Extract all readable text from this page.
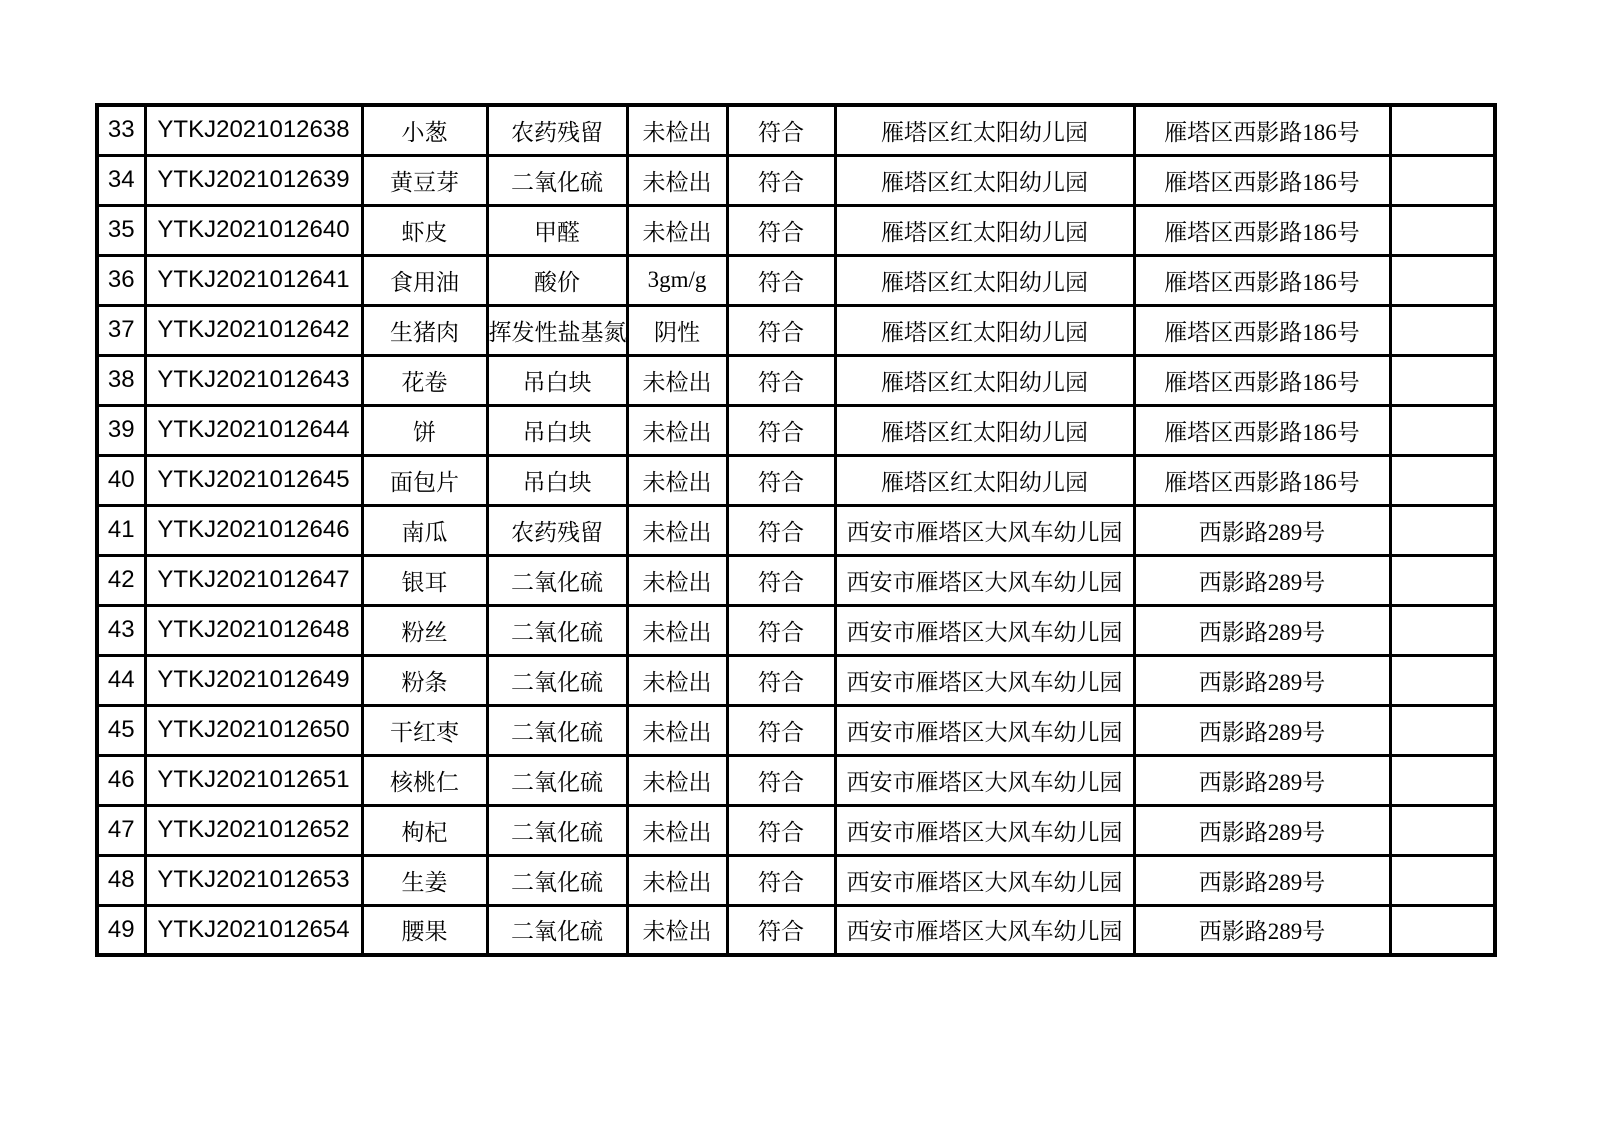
33	YTKJ2021012638	小葱	农药残留	未检出	符合	雁塔区红太阳幼儿园	雁塔区西影路186号	
34	YTKJ2021012639	黄豆芽	二氧化硫	未检出	符合	雁塔区红太阳幼儿园	雁塔区西影路186号	
35	YTKJ2021012640	虾皮	甲醛	未检出	符合	雁塔区红太阳幼儿园	雁塔区西影路186号	
36	YTKJ2021012641	食用油	酸价	3gm/g	符合	雁塔区红太阳幼儿园	雁塔区西影路186号	
37	YTKJ2021012642	生猪肉	挥发性盐基氮	阴性	符合	雁塔区红太阳幼儿园	雁塔区西影路186号	
38	YTKJ2021012643	花卷	吊白块	未检出	符合	雁塔区红太阳幼儿园	雁塔区西影路186号	
39	YTKJ2021012644	饼	吊白块	未检出	符合	雁塔区红太阳幼儿园	雁塔区西影路186号	
40	YTKJ2021012645	面包片	吊白块	未检出	符合	雁塔区红太阳幼儿园	雁塔区西影路186号	
41	YTKJ2021012646	南瓜	农药残留	未检出	符合	西安市雁塔区大风车幼儿园	西影路289号	
42	YTKJ2021012647	银耳	二氧化硫	未检出	符合	西安市雁塔区大风车幼儿园	西影路289号	
43	YTKJ2021012648	粉丝	二氧化硫	未检出	符合	西安市雁塔区大风车幼儿园	西影路289号	
44	YTKJ2021012649	粉条	二氧化硫	未检出	符合	西安市雁塔区大风车幼儿园	西影路289号	
45	YTKJ2021012650	干红枣	二氧化硫	未检出	符合	西安市雁塔区大风车幼儿园	西影路289号	
46	YTKJ2021012651	核桃仁	二氧化硫	未检出	符合	西安市雁塔区大风车幼儿园	西影路289号	
47	YTKJ2021012652	枸杞	二氧化硫	未检出	符合	西安市雁塔区大风车幼儿园	西影路289号	
48	YTKJ2021012653	生姜	二氧化硫	未检出	符合	西安市雁塔区大风车幼儿园	西影路289号	
49	YTKJ2021012654	腰果	二氧化硫	未检出	符合	西安市雁塔区大风车幼儿园	西影路289号	
